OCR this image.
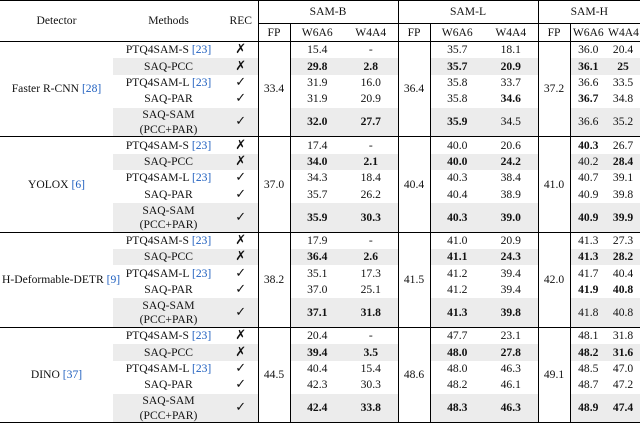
Detector	Methods	REC	SAM-B			SAM-L			SAM-H		
			FP	W6A6	W4A4	FP	W6A6	W4A4	FP	W6A6	W4A4
Faster R-CNN [28]	PTQ4SAM-S [23]	✗	33.4	15.4	-	36.4	35.7	18.1	37.2	36.0	20.4
	SAQ-PCC	✗		29.8	2.8		35.7	20.9		36.1	25
	PTQ4SAM-L [23]	✓		31.9	16.0		35.8	33.7		36.6	33.5
	SAQ-PAR	✓		31.9	20.9		35.8	34.6		36.7	34.8
	SAQ-SAM	✓		32.0	27.7		35.9	34.5		36.6	35.2
	(PCC+PAR)										
YOLOX [6]	PTQ4SAM-S [23]	✗	37.0	17.4	-	40.4	40.0	20.6	41.0	40.3	26.7
	SAQ-PCC	✗		34.0	2.1		40.0	24.2		40.2	28.4
	PTQ4SAM-L [23]	✓		34.3	18.4		40.3	38.4		40.7	39.1
	SAQ-PAR	✓		35.7	26.2		40.4	38.9		40.9	39.8
	SAQ-SAM	✓		35.9	30.3		40.3	39.0		40.9	39.9
	(PCC+PAR)										
H-Deformable-DETR [9]	PTQ4SAM-S [23]	✗	38.2	17.9	-	41.5	41.0	20.9	42.0	41.3	27.3
	SAQ-PCC	✗		36.4	2.6		41.1	24.3		41.3	28.2
	PTQ4SAM-L [23]	✓		35.1	17.3		41.2	39.4		41.7	40.4
	SAQ-PAR	✓		37.0	25.1		41.2	39.4		41.9	40.8
	SAQ-SAM	✓		37.1	31.8		41.3	39.8		41.8	40.8
	(PCC+PAR)										
DINO [37]	PTQ4SAM-S [23]	✗	44.5	20.4	-	48.6	47.7	23.1	49.1	48.1	31.8
	SAQ-PCC	✗		39.4	3.5		48.0	27.8		48.2	31.6
	PTQ4SAM-L [23]	✓		40.4	15.4		48.0	46.3		48.5	47.0
	SAQ-PAR	✓		42.3	30.3		48.2	46.1		48.7	47.2
	SAQ-SAM	✓		42.4	33.8		48.3	46.3		48.9	47.4
	(PCC+PAR)										
